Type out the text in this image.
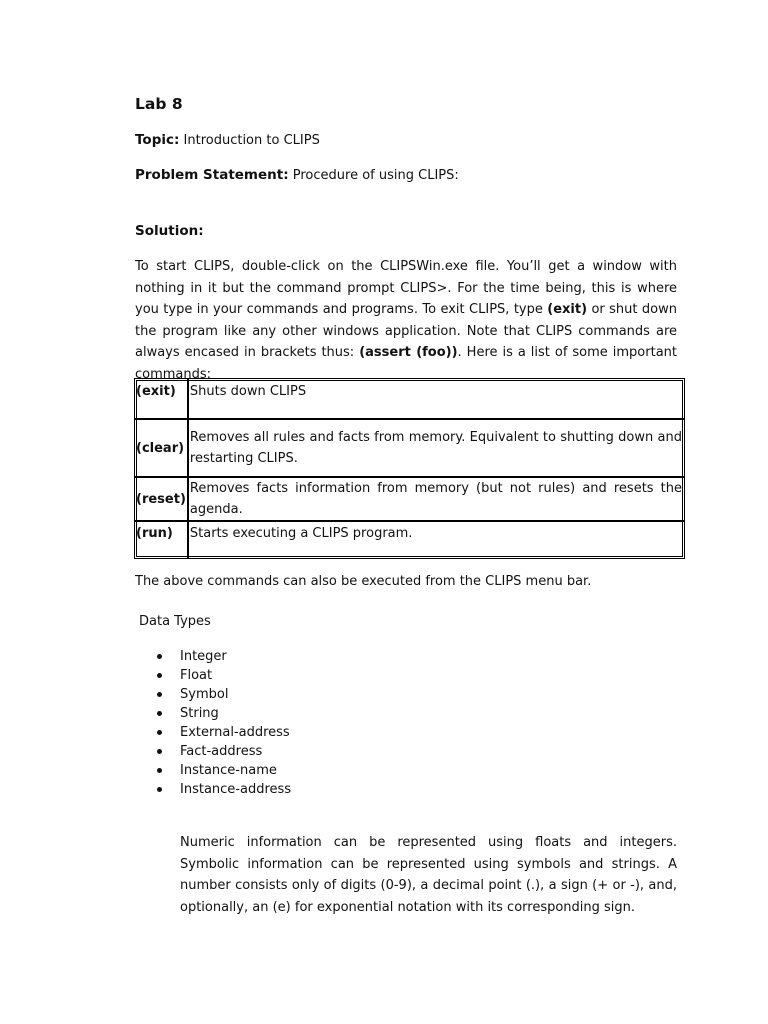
Lab 8

Topic: Introduction to CLIPS

Problem Statement: Procedure of using CLIPS:

Solution:

To start CLIPS, double-click on the CLIPSWin.exe file. You’ll get a window with nothing in it but the command prompt CLIPS>. For the time being, this is where you type in your commands and programs. To exit CLIPS, type (exit) or shut down the program like any other windows application. Note that CLIPS commands are always encased in brackets thus: (assert (foo)). Here is a list of some important commands:

(exit)	Shuts down CLIPS
(clear)	Removes all rules and facts from memory. Equivalent to shutting down and restarting CLIPS.
(reset)	Removes facts information from memory (but not rules) and resets the agenda.
(run)	Starts executing a CLIPS program.

The above commands can also be executed from the CLIPS menu bar.

Data Types

Integer
Float
Symbol
String
External-address
Fact-address
Instance-name
Instance-address

Numeric information can be represented using floats and integers. Symbolic information can be represented using symbols and strings. A number consists only of digits (0-9), a decimal point (.), a sign (+ or -), and, optionally, an (e) for exponential notation with its corresponding sign.
